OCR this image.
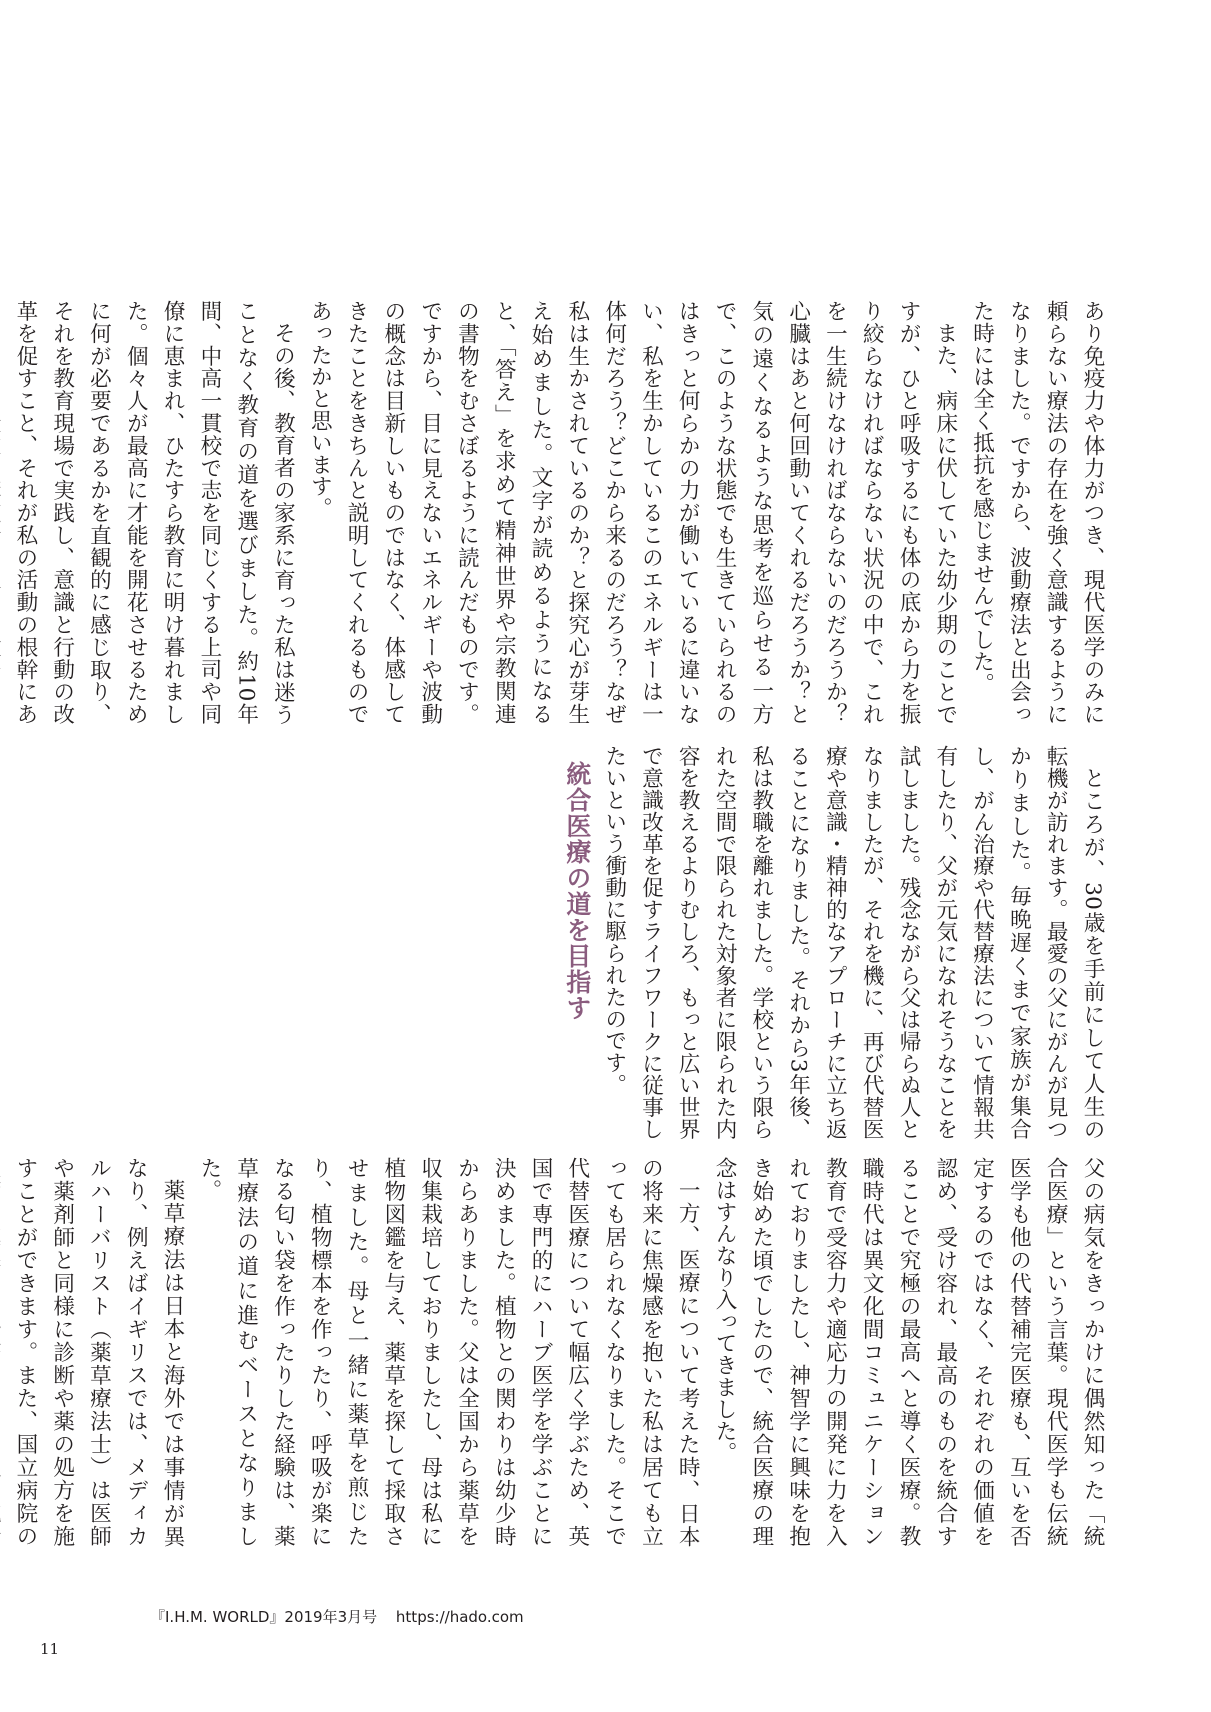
あり免疫力や体力がつき、現代医学のみに頼らない療法の存在を強く意識するようになりました。ですから、波動療法と出会った時には全く抵抗を感じませんでした。

また、病床に伏していた幼少期のことですが、ひと呼吸するにも体の底から力を振り絞らなければならない状況の中で、これを一生続けなければならないのだろうか？心臓はあと何回動いてくれるだろうか？と気の遠くなるような思考を巡らせる一方で、このような状態でも生きていられるのはきっと何らかの力が働いているに違いない、私を生かしているこのエネルギーは一体何だろう？どこから来るのだろう？なぜ私は生かされているのか？と探究心が芽生え始めました。文字が読めるようになると、「答え」を求めて精神世界や宗教関連の書物をむさぼるように読んだものです。ですから、目に見えないエネルギーや波動の概念は目新しいものではなく、体感してきたことをきちんと説明してくれるものであったかと思います。

その後、教育者の家系に育った私は迷うことなく教育の道を選びました。約10年間、中高一貫校で志を同じくする上司や同僚に恵まれ、ひたすら教育に明け暮れました。個々人が最高に才能を開花させるために何が必要であるかを直観的に感じ取り、それを教育現場で実践し、意識と行動の改革を促すこと、それが私の活動の根幹にあ

ところが、30歳を手前にして人生の転機が訪れます。最愛の父にがんが見つかりました。毎晩遅くまで家族が集合し、がん治療や代替療法について情報共有したり、父が元気になれそうなことを試しました。残念ながら父は帰らぬ人となりましたが、それを機に、再び代替医療や意識・精神的なアプローチに立ち返ることになりました。それから3年後、私は教職を離れました。学校という限られた空間で限られた対象者に限られた内容を教えるよりむしろ、もっと広い世界で意識改革を促すライフワークに従事したいという衝動に駆られたのです。

統合医療の道を目指す

父の病気をきっかけに偶然知った「統合医療」という言葉。現代医学も伝統医学も他の代替補完医療も、互いを否定するのではなく、それぞれの価値を認め、受け容れ、最高のものを統合することで究極の最高へと導く医療。教職時代は異文化間コミュニケーション教育で受容力や適応力の開発に力を入れておりましたし、神智学に興味を抱き始めた頃でしたので、統合医療の理念はすんなり入ってきました。

一方、医療について考えた時、日本の将来に焦燥感を抱いた私は居ても立っても居られなくなりました。そこで代替医療について幅広く学ぶため、英国で専門的にハーブ医学を学ぶことに決めました。植物との関わりは幼少時からありました。父は全国から薬草を収集栽培しておりましたし、母は私に植物図鑑を与え、薬草を探して採取させました。母と一緒に薬草を煎じたり、植物標本を作ったり、呼吸が楽になる匂い袋を作ったりした経験は、薬草療法の道に進むベースとなりました。

薬草療法は日本と海外では事情が異なり、例えばイギリスでは、メディカルハーバリスト（薬草療法士）は医師や薬剤師と同様に診断や薬の処方を施すことができます。また、国立病院の

『I.H.M. WORLD』2019年3月号 https://hado.com
11
